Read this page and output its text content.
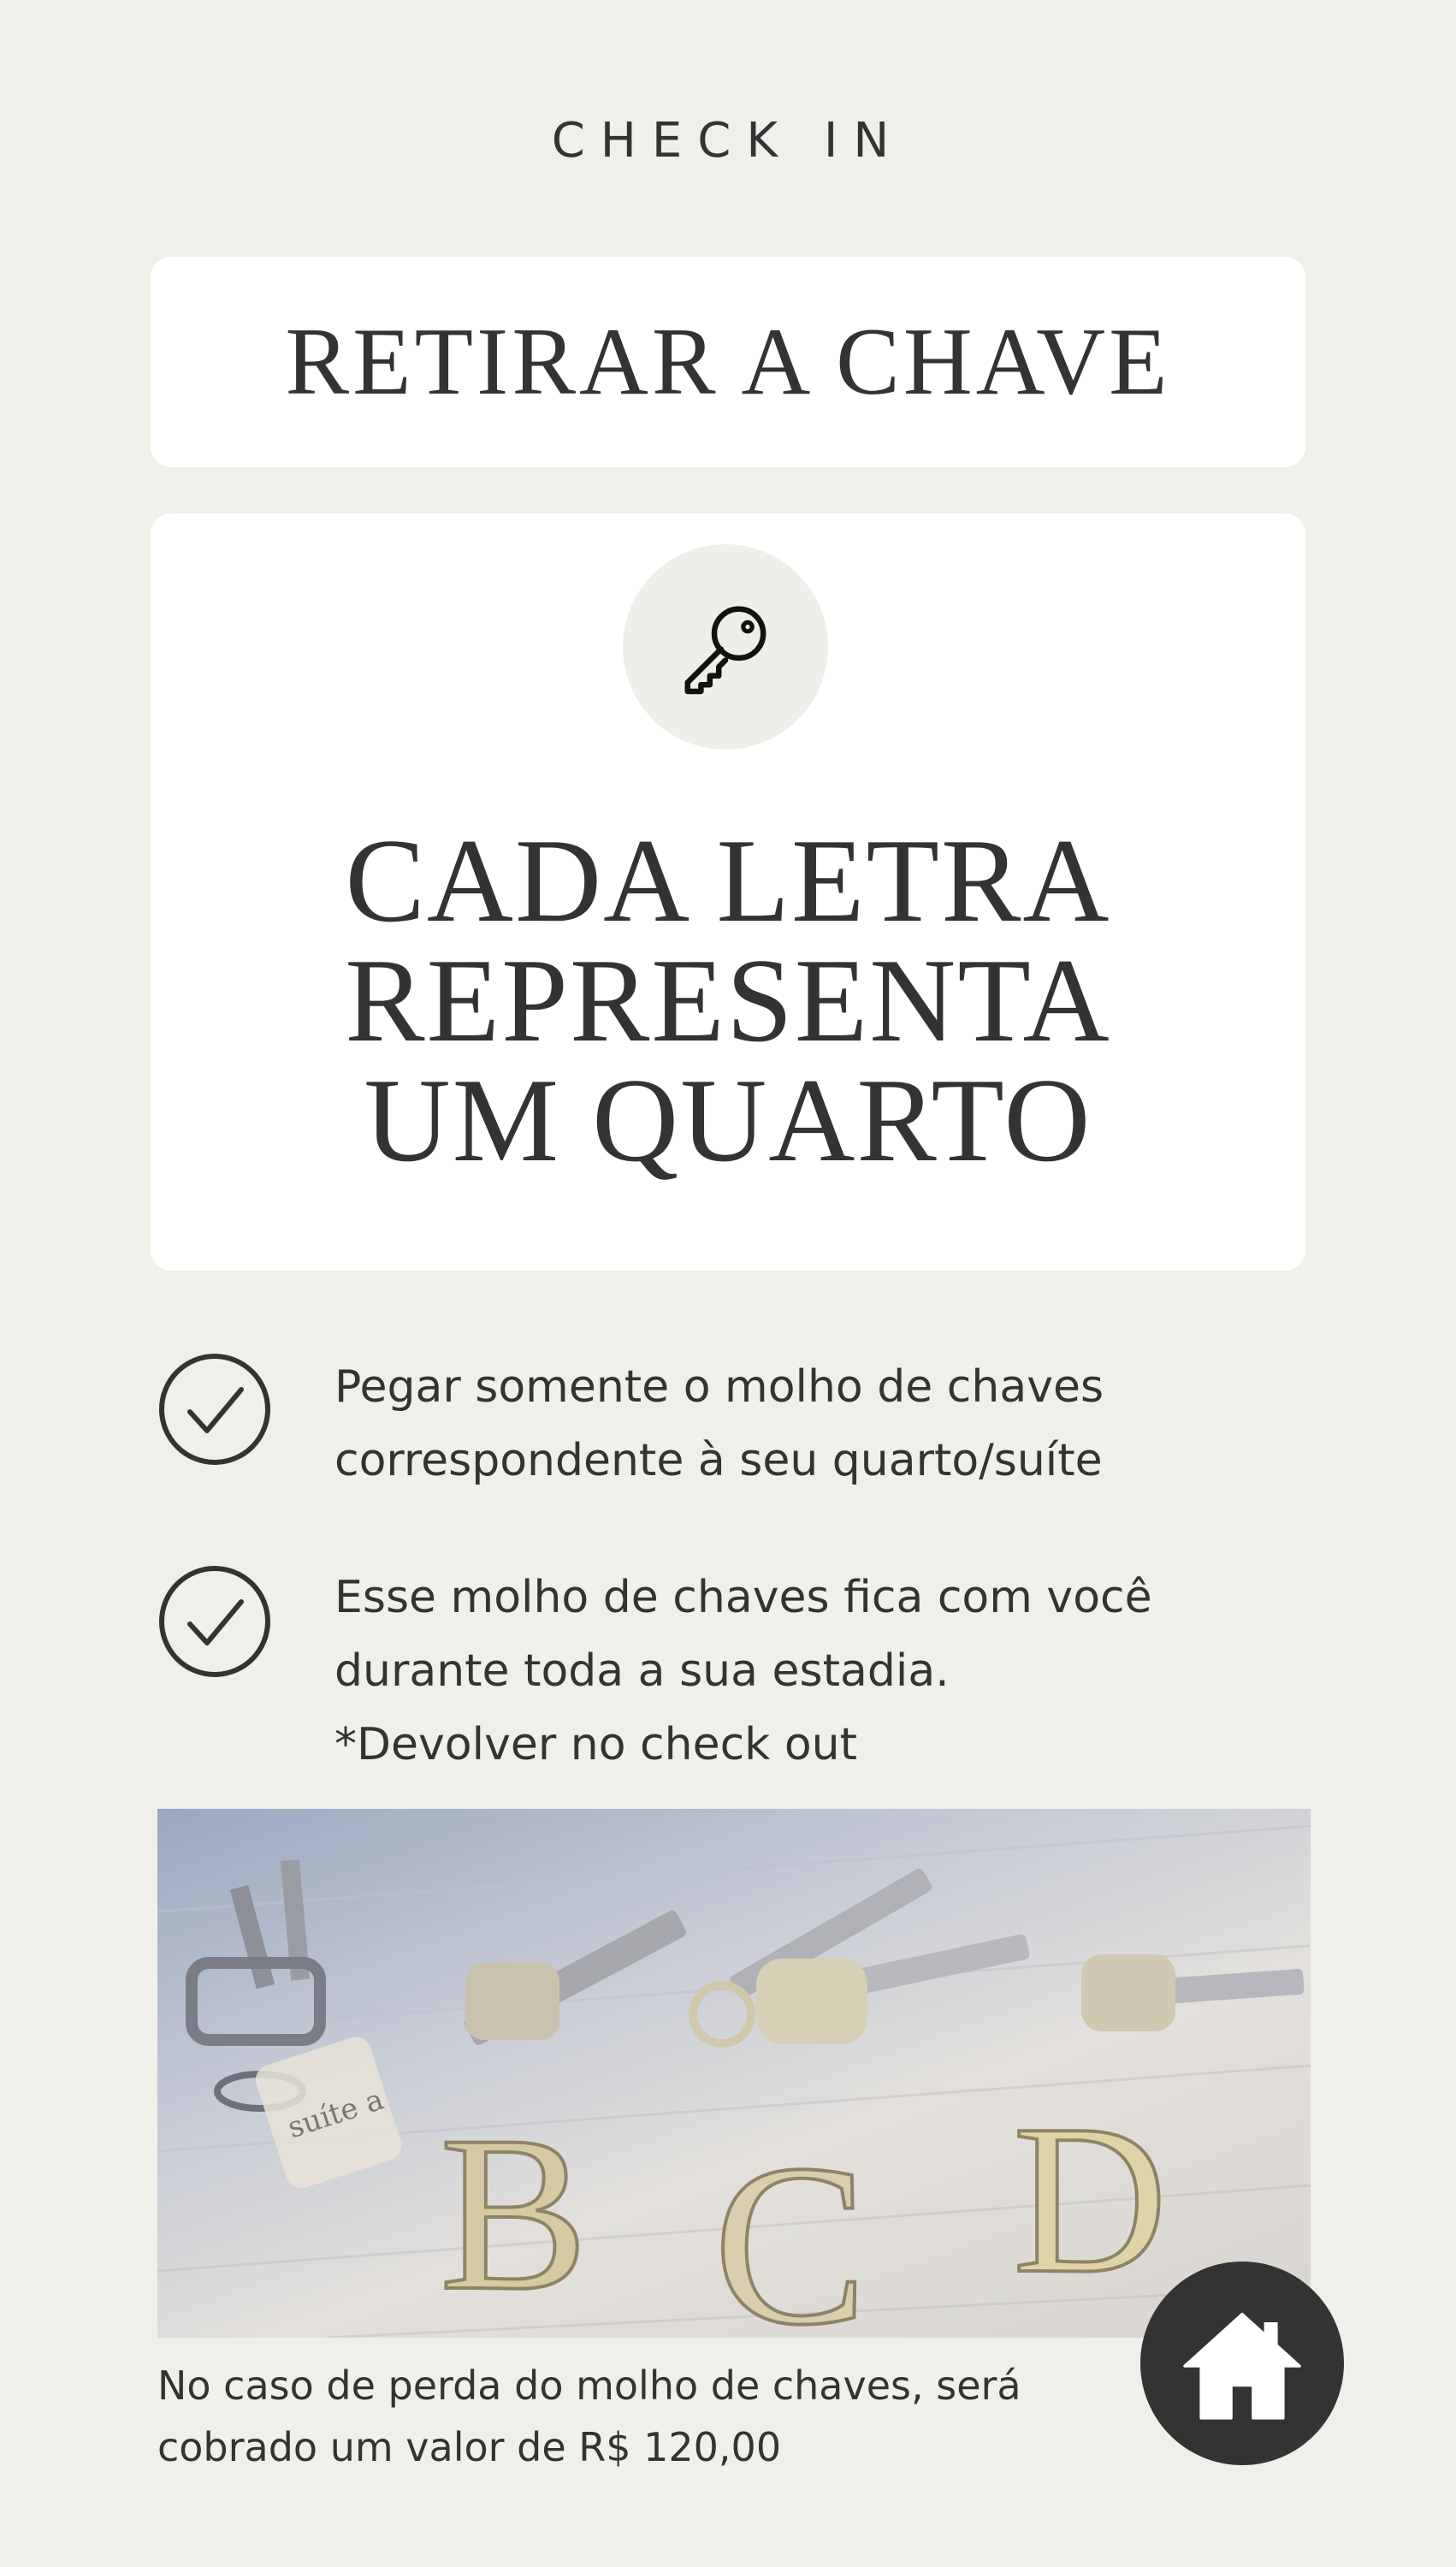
CHECK IN
RETIRAR A CHAVE
CADA LETRA
REPRESENTA
UM QUARTO
Pegar somente o molho de chaves
correspondente à seu quarto/suíte
Esse molho de chaves fica com você
durante toda a sua estadia.
*Devolver no check out
suíte a B C D
No caso de perda do molho de chaves, será
cobrado um valor de R$ 120,00
